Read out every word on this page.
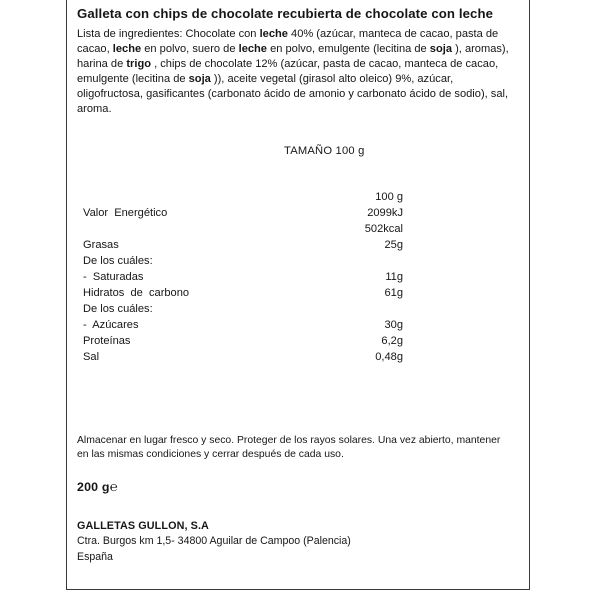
Galleta con chips de chocolate recubierta de chocolate con leche
Lista de ingredientes: Chocolate con leche 40% (azúcar, manteca de cacao, pasta de cacao, leche en polvo, suero de leche en polvo, emulgente (lecitina de soja ), aromas), harina de trigo , chips de chocolate 12% (azúcar, pasta de cacao, manteca de cacao, emulgente (lecitina de soja )), aceite vegetal (girasol alto oleico) 9%, azúcar, oligofructosa, gasificantes (carbonato ácido de amonio y carbonato ácido de sodio), sal, aroma.
TAMAÑO 100 g
	100 g
Valor  Energético	2099kJ
	502kcal
Grasas	25g
De los cuáles:	
-  Saturadas	11g
Hidratos  de  carbono	61g
De los cuáles:	
-  Azúcares	30g
Proteínas	6,2g
Sal	0,48g
Almacenar en lugar fresco y seco. Proteger de los rayos solares. Una vez abierto, mantener en las mismas condiciones y cerrar después de cada uso.
200 g℮
GALLETAS GULLON, S.A
Ctra. Burgos km 1,5- 34800 Aguilar de Campoo (Palencia)
España
